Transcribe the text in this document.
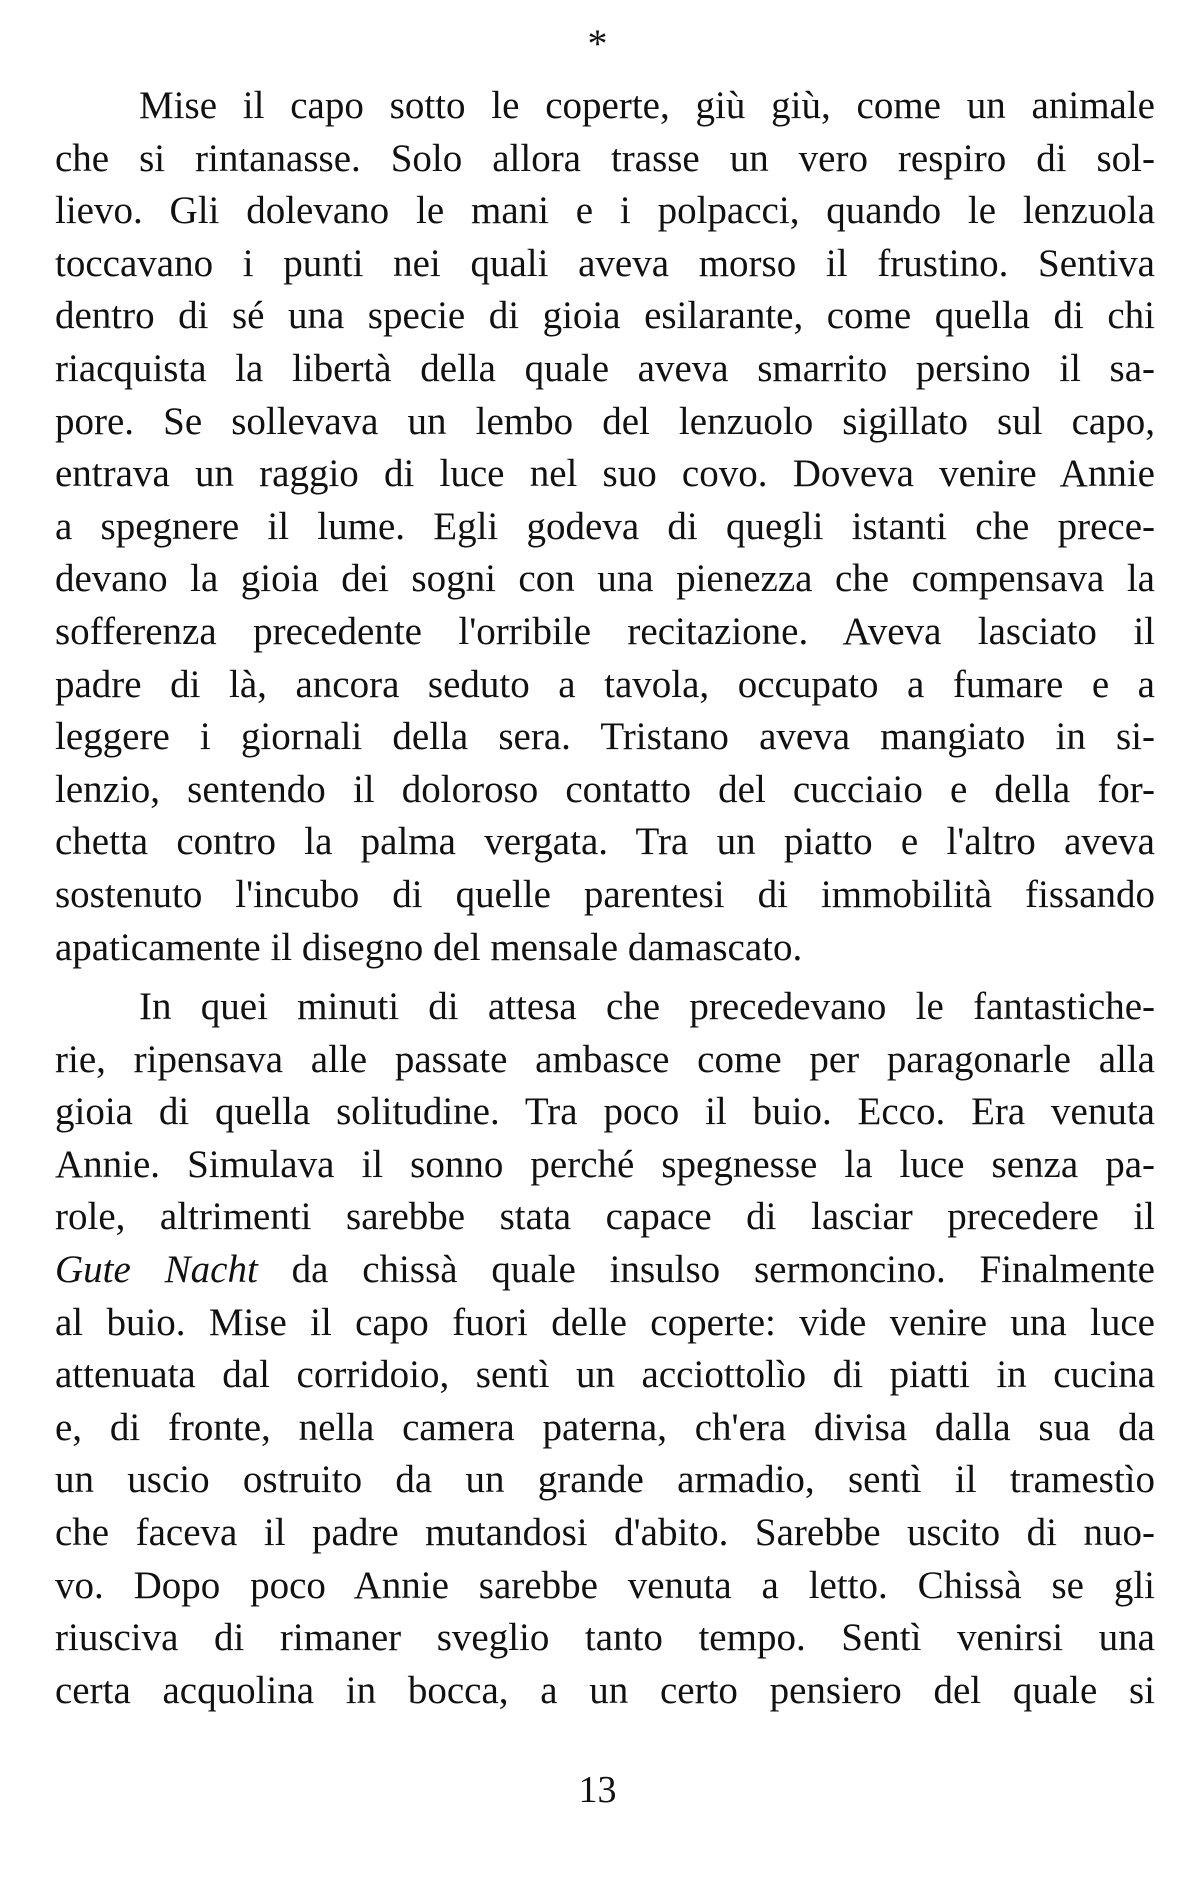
*
Mise il capo sotto le coperte, giù giù, come un animale
che si rintanasse. Solo allora trasse un vero respiro di sol-
lievo. Gli dolevano le mani e i polpacci, quando le lenzuola
toccavano i punti nei quali aveva morso il frustino. Sentiva
dentro di sé una specie di gioia esilarante, come quella di chi
riacquista la libertà della quale aveva smarrito persino il sa-
pore. Se sollevava un lembo del lenzuolo sigillato sul capo,
entrava un raggio di luce nel suo covo. Doveva venire Annie
a spegnere il lume. Egli godeva di quegli istanti che prece-
devano la gioia dei sogni con una pienezza che compensava la
sofferenza precedente l'orribile recitazione. Aveva lasciato il
padre di là, ancora seduto a tavola, occupato a fumare e a
leggere i giornali della sera. Tristano aveva mangiato in si-
lenzio, sentendo il doloroso contatto del cucciaio e della for-
chetta contro la palma vergata. Tra un piatto e l'altro aveva
sostenuto l'incubo di quelle parentesi di immobilità fissando
apaticamente il disegno del mensale damascato.
In quei minuti di attesa che precedevano le fantastiche-
rie, ripensava alle passate ambasce come per paragonarle alla
gioia di quella solitudine. Tra poco il buio. Ecco. Era venuta
Annie. Simulava il sonno perché spegnesse la luce senza pa-
role, altrimenti sarebbe stata capace di lasciar precedere il
Gute Nacht da chissà quale insulso sermoncino. Finalmente
al buio. Mise il capo fuori delle coperte: vide venire una luce
attenuata dal corridoio, sentì un acciottolìo di piatti in cucina
e, di fronte, nella camera paterna, ch'era divisa dalla sua da
un uscio ostruito da un grande armadio, sentì il tramestìo
che faceva il padre mutandosi d'abito. Sarebbe uscito di nuo-
vo. Dopo poco Annie sarebbe venuta a letto. Chissà se gli
riusciva di rimaner sveglio tanto tempo. Sentì venirsi una
certa acquolina in bocca, a un certo pensiero del quale si
13
